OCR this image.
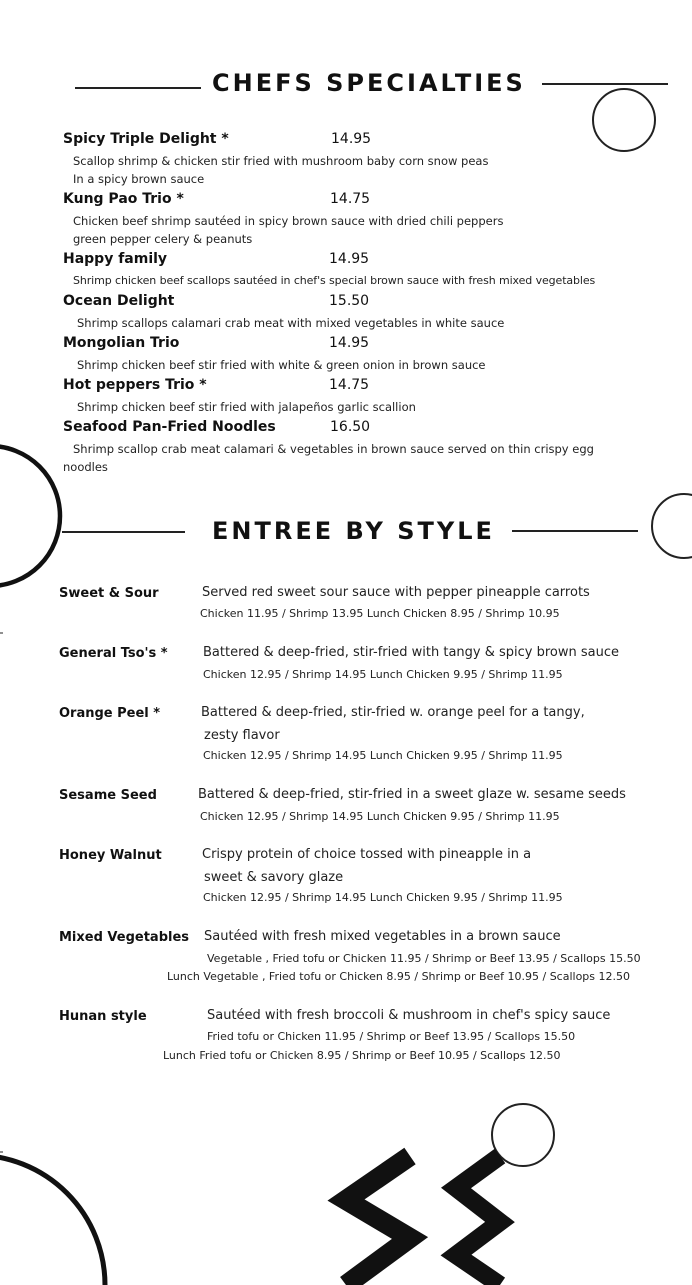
CHEFS SPECIALTIES
Spicy Triple Delight *	14.95
Scallop shrimp & chicken stir fried with mushroom baby corn snow peas
In a spicy brown sauce
Kung Pao Trio *	14.75
Chicken beef shrimp sautéed in spicy brown sauce with dried chili peppers
green pepper celery & peanuts
Happy family	14.95
Shrimp chicken beef scallops sautéed in chef's special brown sauce with fresh mixed vegetables
Ocean Delight	15.50
Shrimp scallops calamari crab meat with mixed vegetables in white sauce
Mongolian Trio	14.95
Shrimp chicken beef stir fried with white & green onion in brown sauce
Hot peppers Trio *	14.75
Shrimp chicken beef stir fried with jalapeños garlic scallion
Seafood Pan-Fried Noodles	16.50
Shrimp scallop crab meat calamari & vegetables in brown sauce served on thin crispy egg
noodles
ENTREE BY STYLE
Sweet & Sour	Served red sweet sour sauce with pepper pineapple carrots
Chicken 11.95 / Shrimp 13.95 Lunch Chicken 8.95 / Shrimp 10.95
General Tso's *	Battered & deep-fried, stir-fried with tangy & spicy brown sauce
Chicken 12.95 / Shrimp 14.95 Lunch Chicken 9.95 / Shrimp 11.95
Orange Peel *	Battered & deep-fried, stir-fried w. orange peel for a tangy,
zesty flavor
Chicken 12.95 / Shrimp 14.95 Lunch Chicken 9.95 / Shrimp 11.95
Sesame Seed	Battered & deep-fried, stir-fried in a sweet glaze w. sesame seeds
Chicken 12.95 / Shrimp 14.95 Lunch Chicken 9.95 / Shrimp 11.95
Honey Walnut	Crispy protein of choice tossed with pineapple in a
sweet & savory glaze
Chicken 12.95 / Shrimp 14.95 Lunch Chicken 9.95 / Shrimp 11.95
Mixed Vegetables Sautéed with fresh mixed vegetables in a brown sauce
Vegetable , Fried tofu or Chicken 11.95 / Shrimp or Beef 13.95 / Scallops 15.50
Lunch Vegetable , Fried tofu or Chicken 8.95 / Shrimp or Beef 10.95 / Scallops 12.50
Hunan style	Sautéed with fresh broccoli & mushroom in chef's spicy sauce
Fried tofu or Chicken 11.95 / Shrimp or Beef 13.95 / Scallops 15.50
Lunch Fried tofu or Chicken 8.95 / Shrimp or Beef 10.95 / Scallops 12.50
